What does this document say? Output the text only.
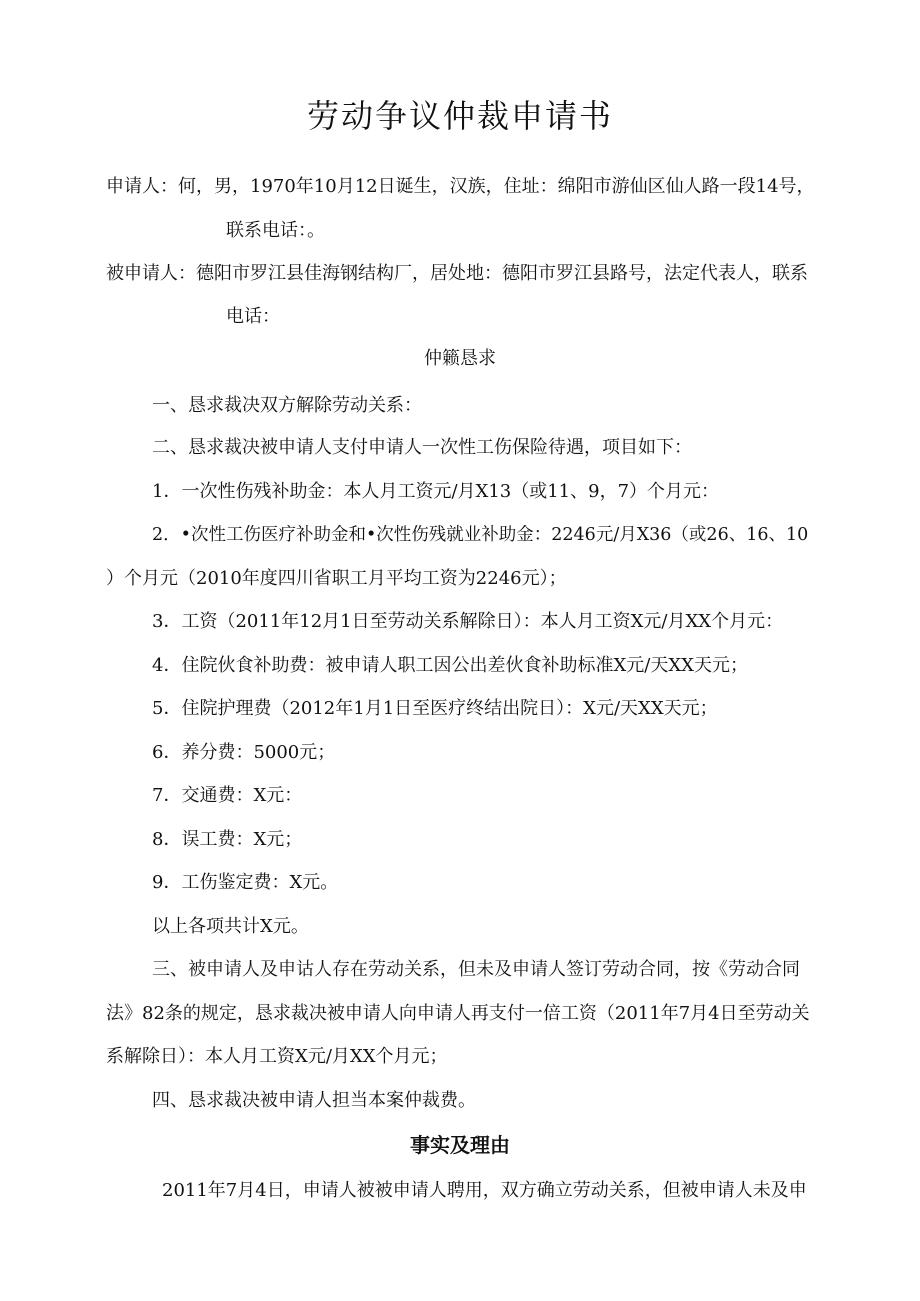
劳动争议仲裁申请书
申请人：何，男，1970年10月12日诞生，汉族，住址：绵阳市游仙区仙人路一段14号，
联系电话：。
被申请人：德阳市罗江县佳海钢结构厂，居处地：德阳市罗江县路号，法定代表人，联系
电话：
仲籁恳求
一、恳求裁决双方解除劳动关系：
二、恳求裁决被申请人支付申请人一次性工伤保险待遇，项目如下：
1．一次性伤残补助金：本人月工资元/月X13（或11、9，7）个月元：
2．•次性工伤医疗补助金和•次性伤残就业补助金：2246元/月X36（或26、16、10
）个月元（2010年度四川省职工月平均工资为2246元）；
3．工资（2011年12月1日至劳动关系解除日）：本人月工资X元/月XX个月元：
4．住院伙食补助费：被申请人职工因公出差伙食补助标准X元/天XX天元；
5．住院护理费（2012年1月1日至医疗终结出院日）：X元/天XX天元；
6．养分费：5000元；
7．交通费：X元：
8．误工费：X元；
9．工伤鉴定费：X元。
以上各项共计X元。
三、被申请人及申诂人存在劳动关系，但未及申请人签订劳动合同，按《劳动合同
法》82条的规定，恳求裁决被申请人向申请人再支付一倍工资（2011年7月4日至劳动关
系解除日）：本人月工资X元/月XX个月元；
四、恳求裁决被申请人担当本案仲裁费。
事实及理由
2011年7月4日，申请人被被申请人聘用，双方确立劳动关系，但被申请人未及申
